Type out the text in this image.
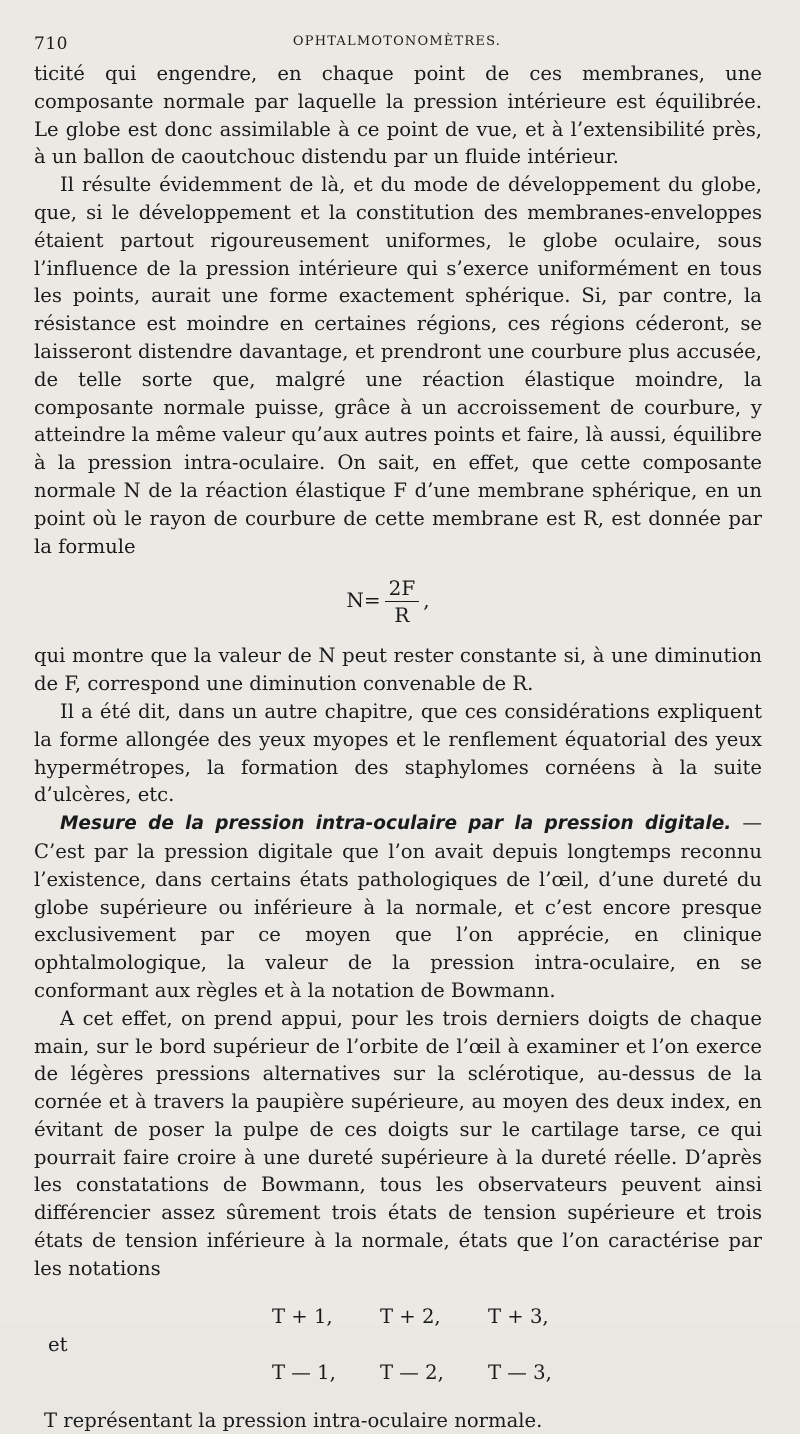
710	OPHTALMOTONOMÈTRES.

ticité qui engendre, en chaque point de ces membranes, une composante normale par laquelle la pression intérieure est équilibrée. Le globe est donc assimilable à ce point de vue, et à l’extensibilité près, à un ballon de caoutchouc distendu par un fluide intérieur.

Il résulte évidemment de là, et du mode de développement du globe, que, si le développement et la constitution des membranes-enveloppes étaient partout rigoureusement uniformes, le globe oculaire, sous l’influence de la pression intérieure qui s’exerce uniformément en tous les points, aurait une forme exactement sphérique. Si, par contre, la résistance est moindre en certaines régions, ces régions céderont, se laisseront distendre davantage, et prendront une courbure plus accusée, de telle sorte que, malgré une réaction élastique moindre, la composante normale puisse, grâce à un accroissement de courbure, y atteindre la même valeur qu’aux autres points et faire, là aussi, équilibre à la pression intra-oculaire. On sait, en effet, que cette composante normale N de la réaction élastique F d’une membrane sphérique, en un point où le rayon de courbure de cette membrane est R, est donnée par la formule

$N= \frac{2F}{R}$ ,

qui montre que la valeur de N peut rester constante si, à une diminution de F, correspond une diminution convenable de R.

Il a été dit, dans un autre chapitre, que ces considérations expliquent la forme allongée des yeux myopes et le renflement équatorial des yeux hypermétropes, la formation des staphylomes cornéens à la suite d’ulcères, etc.

Mesure de la pression intra-oculaire par la pression digitale. — C’est par la pression digitale que l’on avait depuis longtemps reconnu l’existence, dans certains états pathologiques de l’œil, d’une dureté du globe supérieure ou inférieure à la normale, et c’est encore presque exclusivement par ce moyen que l’on apprécie, en clinique ophtalmologique, la valeur de la pression intra-oculaire, en se conformant aux règles et à la notation de Bowmann.

A cet effet, on prend appui, pour les trois derniers doigts de chaque main, sur le bord supérieur de l’orbite de l’œil à examiner et l’on exerce de légères pressions alternatives sur la sclérotique, au-dessus de la cornée et à travers la paupière supérieure, au moyen des deux index, en évitant de poser la pulpe de ces doigts sur le cartilage tarse, ce qui pourrait faire croire à une dureté supérieure à la dureté réelle. D’après les constatations de Bowmann, tous les observateurs peuvent ainsi différencier assez sûrement trois états de tension supérieure et trois états de tension inférieure à la normale, états que l’on caractérise par les notations

et
T + 1, T + 2, T + 3,
T — 1, T — 2, T — 3,

T représentant la pression intra-oculaire normale.
